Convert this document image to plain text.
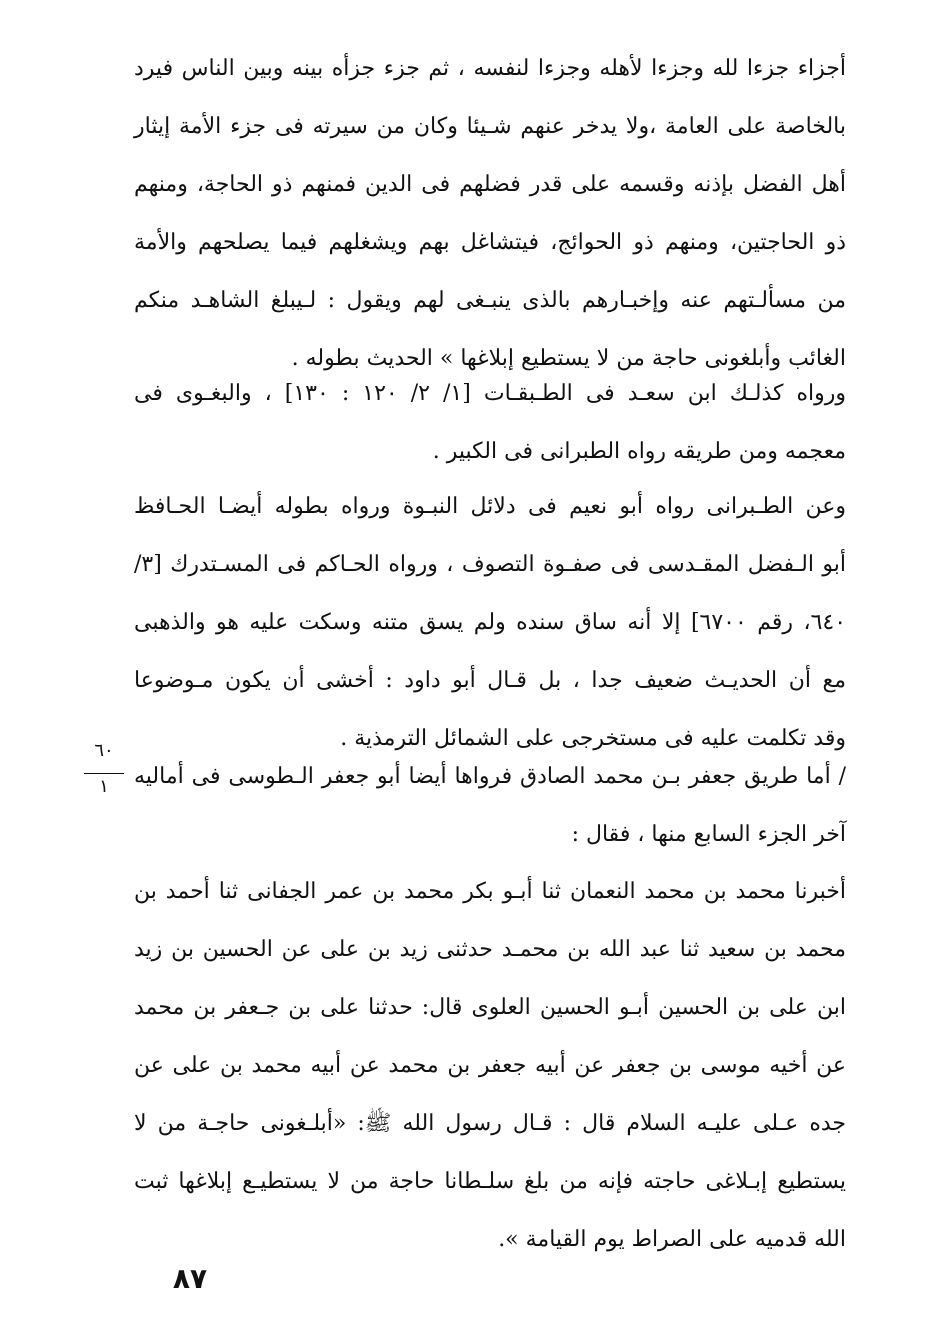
أجزاء جزءا لله وجزءا لأهله وجزءا لنفسه ، ثم جزء جزأه بينه وبين الناس فيرد
بالخاصة على العامة ،ولا يدخر عنهم شـيئا وكان من سيرته فى جزء الأمة إيثار
أهل الفضل بإذنه وقسمه على قدر فضلهم فى الدين فمنهم ذو الحاجة، ومنهم
ذو الحاجتين، ومنهم ذو الحوائج، فيتشاغل بهم ويشغلهم فيما يصلحهم والأمة
من مسألـتهم عنه وإخبـارهم بالذى ينبـغى لهم ويقول : لـيبلغ الشاهـد منكم
الغائب وأبلغونى حاجة من لا يستطيع إبلاغها » الحديث بطوله .
ورواه كذلـك ابن سعـد فى الطـبقـات [١/ ٢/ ١٢٠ : ١٣٠] ، والبغـوى فى
معجمه ومن طريقه رواه الطبرانى فى الكبير .
وعن الطـبرانى رواه أبو نعيم فى دلائل النبـوة ورواه بطوله أيضـا الحـافظ
أبو الـفضل المقـدسى فى صفـوة التصوف ، ورواه الحـاكم فى المسـتدرك [٣/
٦٤٠، رقم ٦٧٠٠] إلا أنه ساق سنده ولم يسق متنه وسكت عليه هو والذهبى
مع أن الحديـث ضعيف جدا ، بل قـال أبو داود : أخشى أن يكون مـوضوعا
وقد تكلمت عليه فى مستخرجى على الشمائل الترمذية .
٦٠
١	/ أما طريق جعفر بـن محمد الصادق فرواها أيضا أبو جعفر الـطوسى فى أماليه
آخر الجزء السابع منها ، فقال :
أخبرنا محمد بن محمد النعمان ثنا أبـو بكر محمد بن عمر الجفانى ثنا أحمد بن
محمد بن سعيد ثنا عبد الله بن محمـد حدثنى زيد بن على عن الحسين بن زيد
ابن على بن الحسين أبـو الحسين العلوى قال: حدثنا على بن جـعفر بن محمد
عن أخيه موسى بن جعفر عن أبيه جعفر بن محمد عن أبيه محمد بن على عن
جده عـلى عليـه السلام قال : قـال رسول الله ﷺ: «أبلـغونى حاجـة من لا
يستطيع إبـلاغى حاجته فإنه من بلغ سلـطانا حاجة من لا يستطيـع إبلاغها ثبت
الله قدميه على الصراط يوم القيامة ».
٨٧
